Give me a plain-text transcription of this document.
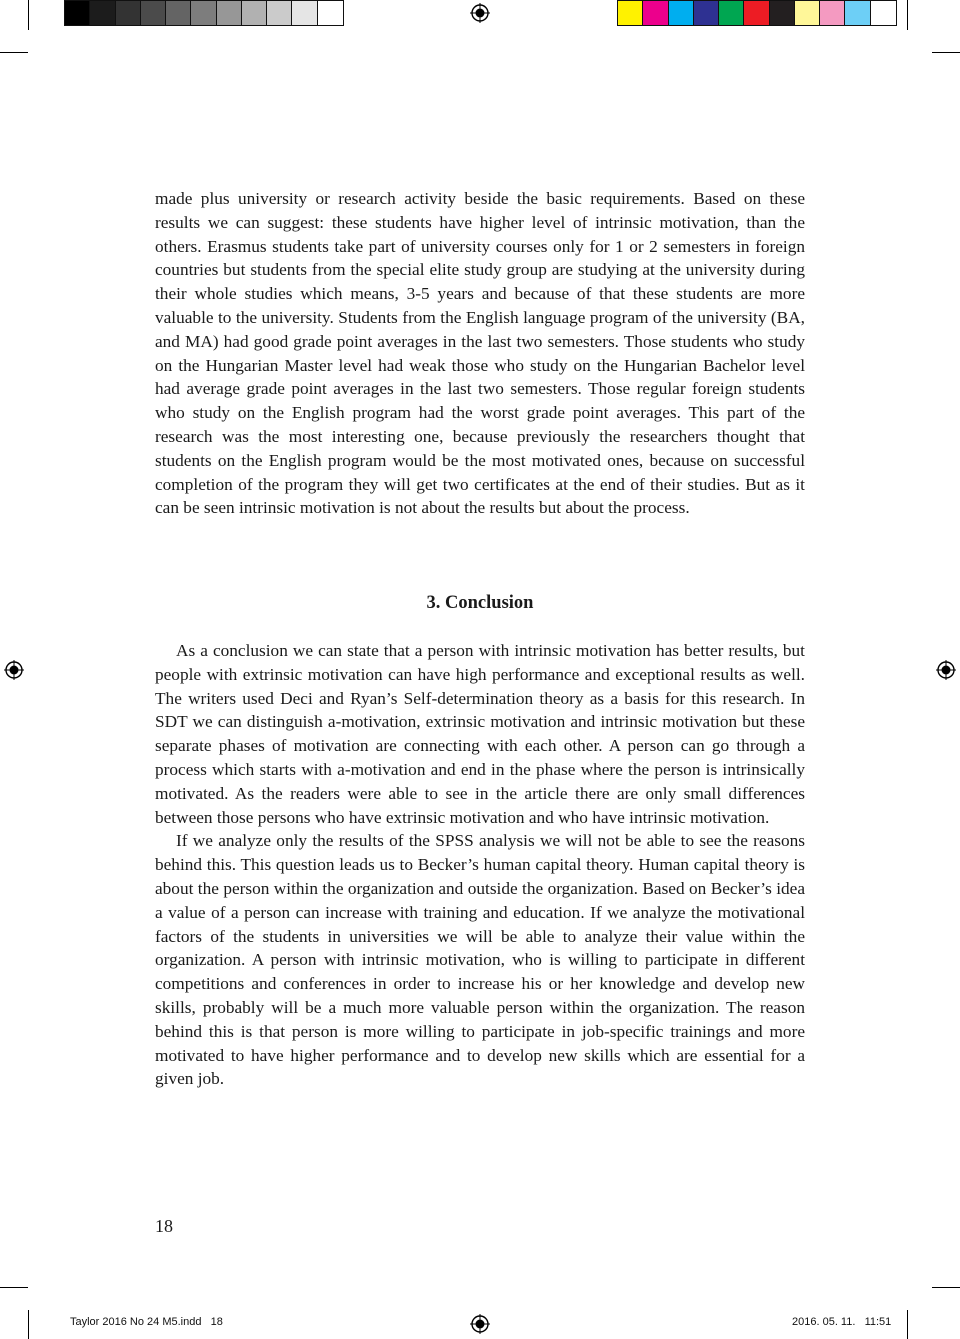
made plus university or research activity beside the basic requirements. Based on these results we can suggest: these students have higher level of intrinsic motivation, than the others. Erasmus students take part of university courses only for 1 or 2 semesters in foreign countries but students from the special elite study group are studying at the university during their whole studies which means, 3-5 years and because of that these students are more valuable to the university. Students from the English language program of the university (BA, and MA) had good grade point averages in the last two semesters. Those students who study on the Hungarian Master level had weak those who study on the Hungarian Bachelor level had average grade point averages in the last two semesters. Those regular foreign students who study on the English program had the worst grade point averages. This part of the research was the most interesting one, because previously the researchers thought that students on the English program would be the most motivated ones, because on successful completion of the program they will get two certificates at the end of their studies. But as it can be seen intrinsic motivation is not about the results but about the process.

3. Conclusion

As a conclusion we can state that a person with intrinsic motivation has better results, but people with extrinsic motivation can have high performance and exceptional results as well. The writers used Deci and Ryan’s Self-determination theory as a basis for this research. In SDT we can distinguish a-motivation, extrinsic motivation and intrinsic motivation but these separate phases of motivation are connecting with each other. A person can go through a process which starts with a-motivation and end in the phase where the person is intrinsically motivated. As the readers were able to see in the article there are only small differences between those persons who have extrinsic motivation and who have intrinsic motivation.

If we analyze only the results of the SPSS analysis we will not be able to see the reasons behind this. This question leads us to Becker’s human capital theory. Human capital theory is about the person within the organization and outside the organization. Based on Becker’s idea a value of a person can increase with training and education. If we analyze the motivational factors of the students in universities we will be able to analyze their value within the organization. A person with intrinsic motivation, who is willing to participate in different competitions and conferences in order to increase his or her knowledge and develop new skills, probably will be a much more valuable person within the organization. The reason behind this is that person is more willing to participate in job-specific trainings and more motivated to have higher performance and to develop new skills which are essential for a given job.

18
Taylor 2016 No 24 M5.indd   18	2016. 05. 11.   11:51
